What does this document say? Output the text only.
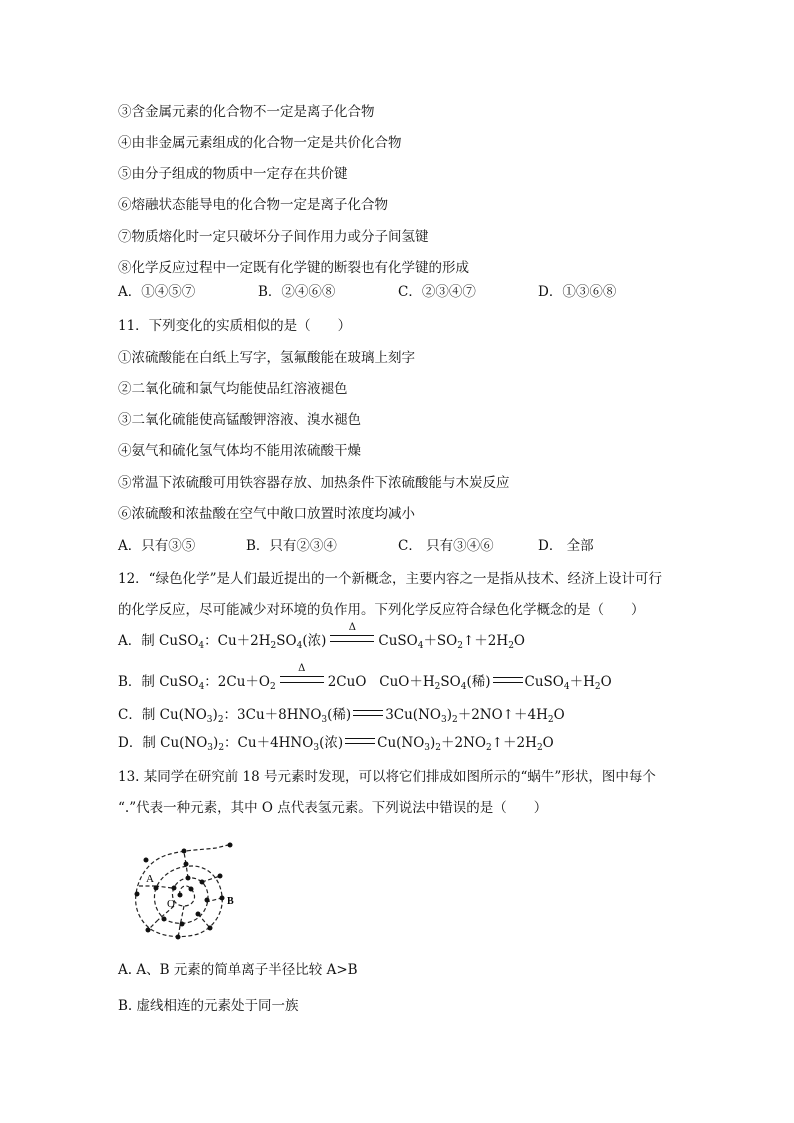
③含金属元素的化合物不一定是离子化合物
④由非金属元素组成的化合物一定是共价化合物
⑤由分子组成的物质中一定存在共价键
⑥熔融状态能导电的化合物一定是离子化合物
⑦物质熔化时一定只破坏分子间作用力或分子间氢键
⑧化学反应过程中一定既有化学键的断裂也有化学键的形成
A．①④⑤⑦	B．②④⑥⑧	C．②③④⑦	D．①③⑥⑧
11．下列变化的实质相似的是（　　）
①浓硫酸能在白纸上写字，氢氟酸能在玻璃上刻字
②二氧化硫和氯气均能使品红溶液褪色
③二氧化硫能使高锰酸钾溶液、溴水褪色
④氨气和硫化氢气体均不能用浓硫酸干燥
⑤常温下浓硫酸可用铁容器存放、加热条件下浓硫酸能与木炭反应
⑥浓硫酸和浓盐酸在空气中敞口放置时浓度均减小
A．只有③⑤	B．只有②③④	C． 只有③④⑥	D． 全部
12．“绿色化学”是人们最近提出的一个新概念，主要内容之一是指从技术、经济上设计可行
的化学反应，尽可能减少对环境的负作用。下列化学反应符合绿色化学概念的是（　　）
A．制 CuSO$_4$：$Cu+2H_2SO_4$(浓)
Δ
$CuSO_4+SO_2↑+2H_2O$
B．制 CuSO$_4$：$2Cu+O_2$
Δ
2CuO $CuO+H_2SO_4$(稀)	$CuSO_4+H_2O$
C．制 $Cu(NO_3)_2$：$3Cu+8HNO_3$(稀)	$3Cu(NO_3)_2+2NO↑+4H_2O$
D．制 $Cu(NO_3)_2$：$Cu+4HNO_3$(浓)	$Cu(NO_3)_2+2NO_2↑+2H_2O$
13. 某同学在研究前 18 号元素时发现，可以将它们排成如图所示的“蜗牛”形状，图中每个
“.”代表一种元素，其中 O 点代表氢元素。下列说法中错误的是（　　）
A
B
O
A. A、B 元素的简单离子半径比较 A>B
B. 虚线相连的元素处于同一族
